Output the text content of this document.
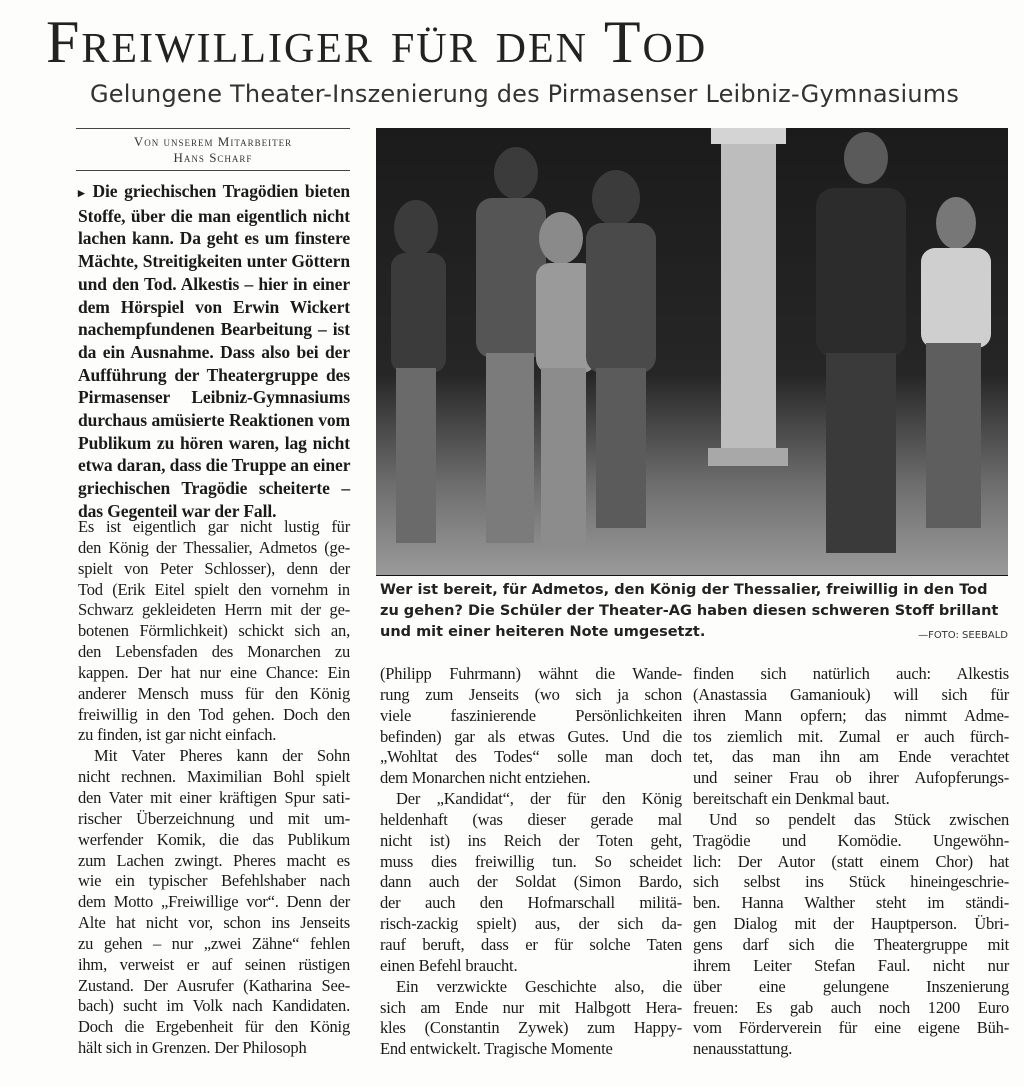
Freiwilliger für den Tod
Gelungene Theater-Inszenierung des Pirmasenser Leibniz-Gymnasiums
Von unserem Mitarbeiter
Hans Scharf
▸ Die griechischen Tragödien bieten
Stoffe, über die man eigentlich nicht
lachen kann. Da geht es um finstere
Mächte, Streitigkeiten unter Göttern
und den Tod. Alkestis – hier in einer
dem Hörspiel von Erwin Wickert
nachempfundenen Bearbeitung – ist
da ein Ausnahme. Dass also bei der
Aufführung der Theatergruppe des
Pirmasenser Leibniz-Gymnasiums
durchaus amüsierte Reaktionen vom
Publikum zu hören waren, lag nicht
etwa daran, dass die Truppe an einer
griechischen Tragödie scheiterte –
das Gegenteil war der Fall.
Es ist eigentlich gar nicht lustig für
den König der Thessalier, Admetos (ge-
spielt von Peter Schlosser), denn der
Tod (Erik Eitel spielt den vornehm in
Schwarz gekleideten Herrn mit der ge-
botenen Förmlichkeit) schickt sich an,
den Lebensfaden des Monarchen zu
kappen. Der hat nur eine Chance: Ein
anderer Mensch muss für den König
freiwillig in den Tod gehen. Doch den
zu finden, ist gar nicht einfach.
Mit Vater Pheres kann der Sohn
nicht rechnen. Maximilian Bohl spielt
den Vater mit einer kräftigen Spur sati-
rischer Überzeichnung und mit um-
werfender Komik, die das Publikum
zum Lachen zwingt. Pheres macht es
wie ein typischer Befehlshaber nach
dem Motto „Freiwillige vor“. Denn der
Alte hat nicht vor, schon ins Jenseits
zu gehen – nur „zwei Zähne“ fehlen
ihm, verweist er auf seinen rüstigen
Zustand. Der Ausrufer (Katharina See-
bach) sucht im Volk nach Kandidaten.
Doch die Ergebenheit für den König
hält sich in Grenzen. Der Philosoph
(Philipp Fuhrmann) wähnt die Wande-
rung zum Jenseits (wo sich ja schon
viele faszinierende Persönlichkeiten
befinden) gar als etwas Gutes. Und die
„Wohltat des Todes“ solle man doch
dem Monarchen nicht entziehen.
Der „Kandidat“, der für den König
heldenhaft (was dieser gerade mal
nicht ist) ins Reich der Toten geht,
muss dies freiwillig tun. So scheidet
dann auch der Soldat (Simon Bardo,
der auch den Hofmarschall militä-
risch-zackig spielt) aus, der sich da-
rauf beruft, dass er für solche Taten
einen Befehl braucht.
Ein verzwickte Geschichte also, die
sich am Ende nur mit Halbgott Hera-
kles (Constantin Zywek) zum Happy-
End entwickelt. Tragische Momente
finden sich natürlich auch: Alkestis
(Anastassia Gamaniouk) will sich für
ihren Mann opfern; das nimmt Adme-
tos ziemlich mit. Zumal er auch fürch-
tet, das man ihn am Ende verachtet
und seiner Frau ob ihrer Aufopferungs-
bereitschaft ein Denkmal baut.
Und so pendelt das Stück zwischen
Tragödie und Komödie. Ungewöhn-
lich: Der Autor (statt einem Chor) hat
sich selbst ins Stück hineingeschrie-
ben. Hanna Walther steht im ständi-
gen Dialog mit der Hauptperson. Übri-
gens darf sich die Theatergruppe mit
ihrem Leiter Stefan Faul. nicht nur
über eine gelungene Inszenierung
freuen: Es gab auch noch 1200 Euro
vom Förderverein für eine eigene Büh-
nenausstattung.
Wer ist bereit, für Admetos, den König der Thessalier, freiwillig in den Tod
zu gehen? Die Schüler der Theater-AG haben diesen schweren Stoff brillant
und mit einer heiteren Note umgesetzt.	—FOTO: SEEBALD
